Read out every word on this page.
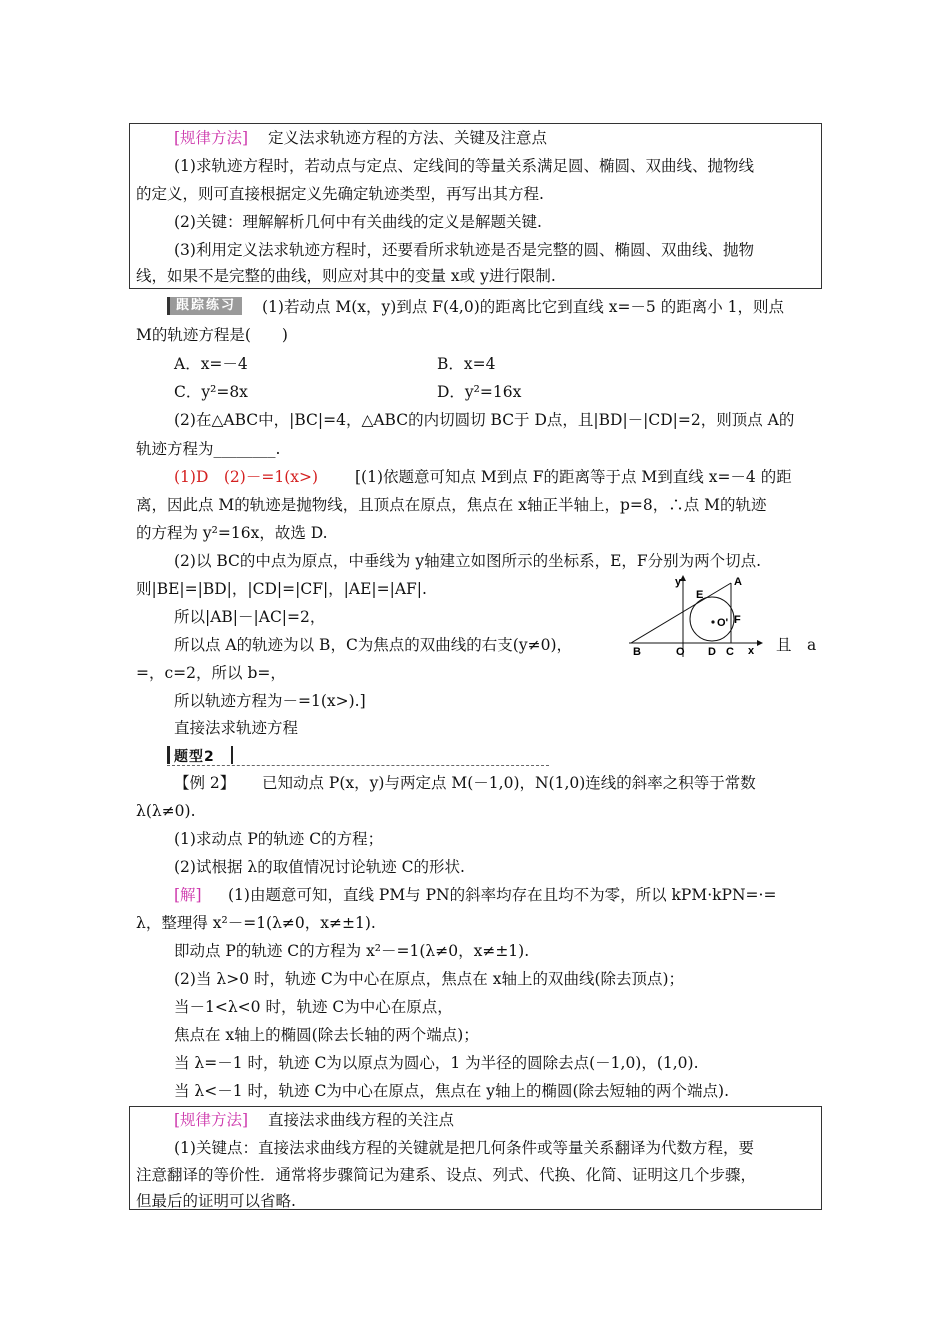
[规律方法] 定义法求轨迹方程的方法、关键及注意点
(1)求轨迹方程时，若动点与定点、定线间的等量关系满足圆、椭圆、双曲线、抛物线
的定义，则可直接根据定义先确定轨迹类型，再写出其方程.
(2)关键：理解解析几何中有关曲线的定义是解题关键.
(3)利用定义法求轨迹方程时，还要看所求轨迹是否是完整的圆、椭圆、双曲线、抛物
线，如果不是完整的曲线，则应对其中的变量 x或 y进行限制.
跟踪练习	(1)若动点 M(x，y)到点 F(4,0)的距离比它到直线 x=－5 的距离小 1，则点
M的轨迹方程是(　　)
A．x=－4	B．x=4
C．y²=8x	D．y²=16x
(2)在△ABC中，|BC|=4，△ABC的内切圆切 BC于 D点，且|BD|－|CD|=2，则顶点 A的
轨迹方程为________.
(1)D　(2)－=1(x>) [(1)依题意可知点 M到点 F的距离等于点 M到直线 x=－4 的距
离，因此点 M的轨迹是抛物线，且顶点在原点，焦点在 x轴正半轴上，p=8，∴点 M的轨迹
的方程为 y²=16x，故选 D.
(2)以 BC的中点为原点，中垂线为 y轴建立如图所示的坐标系，E，F分别为两个切点.
则|BE|=|BD|，|CD|=|CF|，|AE|=|AF|.
所以|AB|－|AC|=2，
所以点 A的轨迹为以 B，C为焦点的双曲线的右支(y≠0)，	且　a
=，c=2，所以 b=，
所以轨迹方程为－=1(x>).]
直接法求轨迹方程
y	A
E
O' F
B	O D C x
题型2
【例 2】 已知动点 P(x，y)与两定点 M(－1,0)，N(1,0)连线的斜率之积等于常数
λ(λ≠0).
(1)求动点 P的轨迹 C的方程；
(2)试根据 λ的取值情况讨论轨迹 C的形状.
[解] (1)由题意可知，直线 PM与 PN的斜率均存在且均不为零，所以 kPM·kPN=·=
λ，整理得 x²－=1(λ≠0，x≠±1).
即动点 P的轨迹 C的方程为 x²－=1(λ≠0，x≠±1).
(2)当 λ>0 时，轨迹 C为中心在原点，焦点在 x轴上的双曲线(除去顶点)；
当－1<λ<0 时，轨迹 C为中心在原点，
焦点在 x轴上的椭圆(除去长轴的两个端点)；
当 λ=－1 时，轨迹 C为以原点为圆心，1 为半径的圆除去点(－1,0)，(1,0).
当 λ<－1 时，轨迹 C为中心在原点，焦点在 y轴上的椭圆(除去短轴的两个端点).
[规律方法] 直接法求曲线方程的关注点
(1)关键点：直接法求曲线方程的关键就是把几何条件或等量关系翻译为代数方程，要
注意翻译的等价性．通常将步骤简记为建系、设点、列式、代换、化简、证明这几个步骤，
但最后的证明可以省略.
